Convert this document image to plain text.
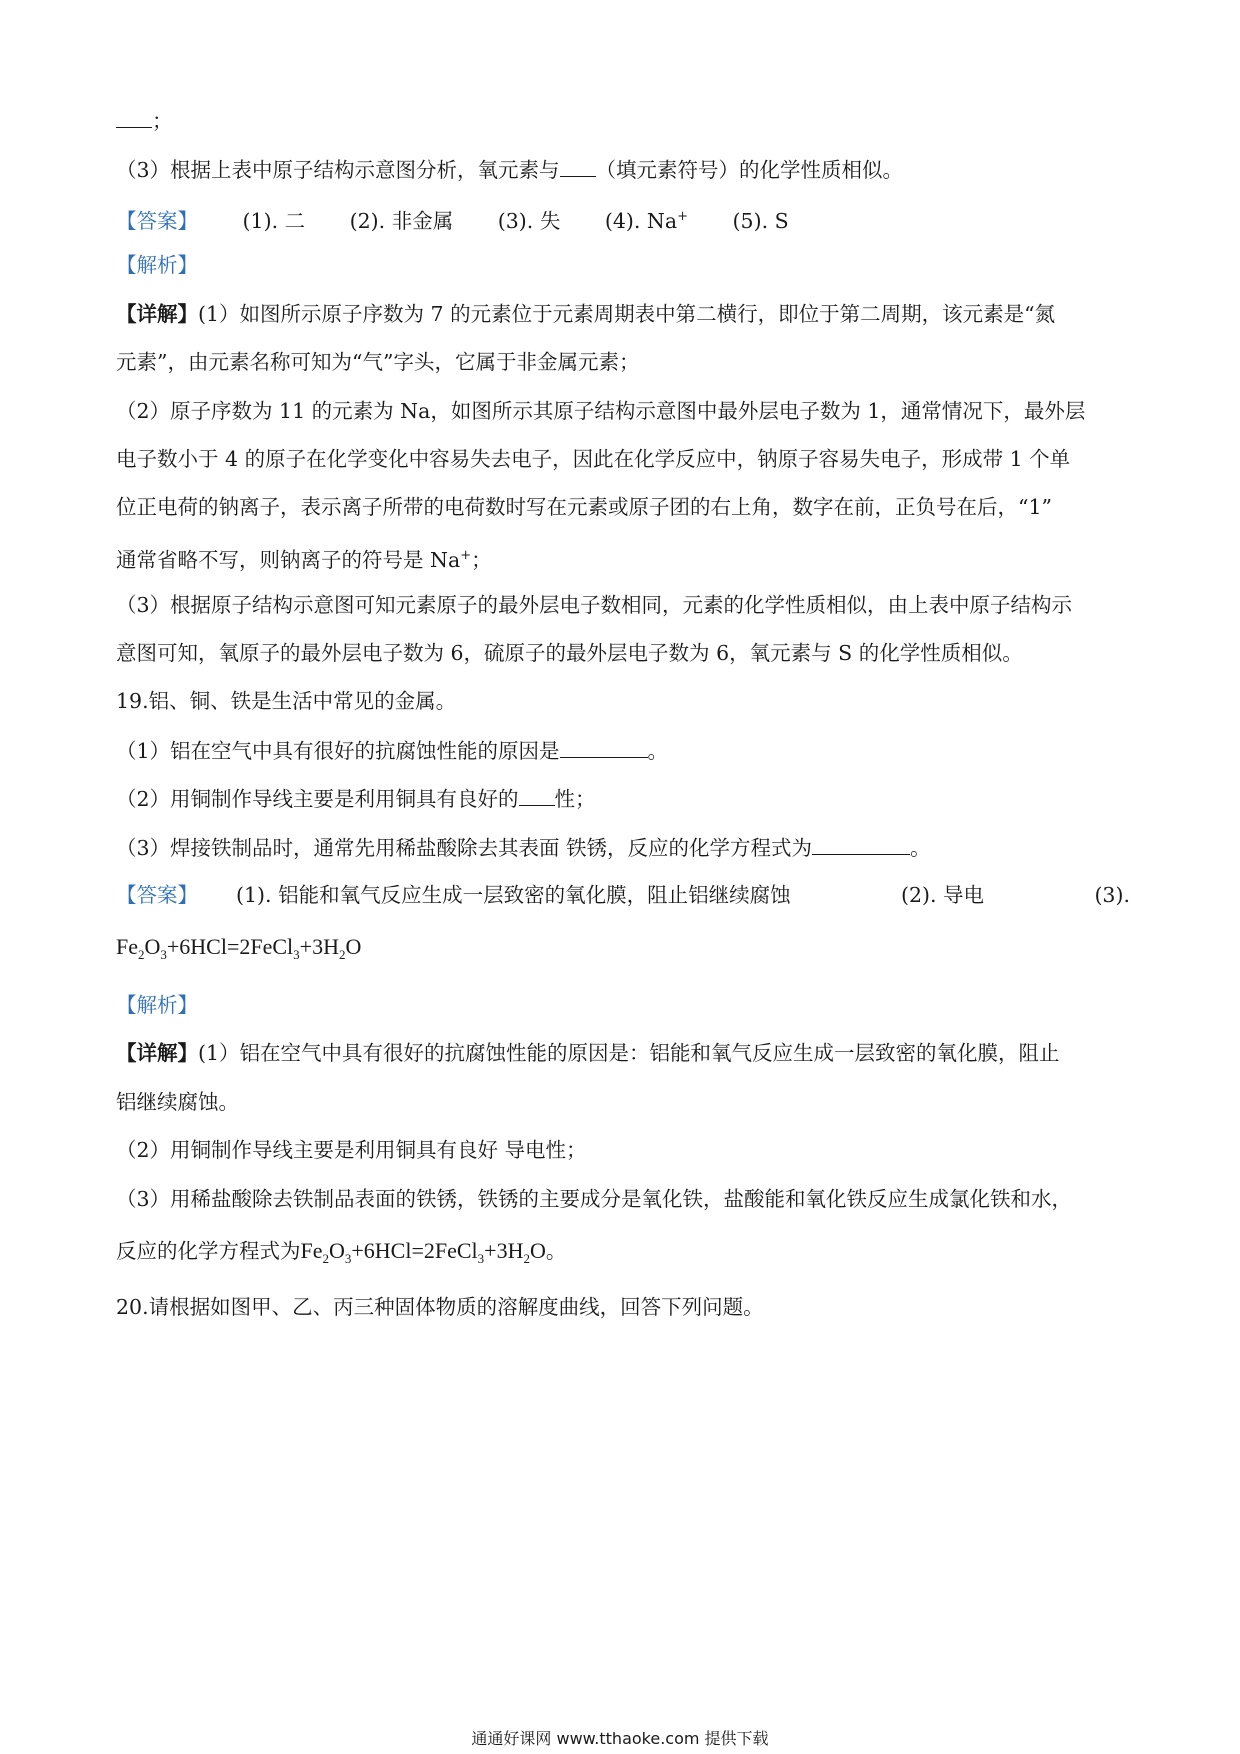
；
（3）根据上表中原子结构示意图分析，氧元素与 （填元素符号）的化学性质相似。
【答案】 (1). 二 (2). 非金属 (3). 失 (4). Na+ (5). S
【解析】
【详解】(1）如图所示原子序数为 7 的元素位于元素周期表中第二横行，即位于第二周期，该元素是“氮
元素”，由元素名称可知为“气”字头，它属于非金属元素；
（2）原子序数为 11 的元素为 Na，如图所示其原子结构示意图中最外层电子数为 1，通常情况下，最外层
电子数小于 4 的原子在化学变化中容易失去电子，因此在化学反应中，钠原子容易失电子，形成带 1 个单
位正电荷的钠离子，表示离子所带的电荷数时写在元素或原子团的右上角，数字在前，正负号在后，“1”
通常省略不写，则钠离子的符号是 Na+；
（3）根据原子结构示意图可知元素原子的最外层电子数相同，元素的化学性质相似，由上表中原子结构示
意图可知，氧原子的最外层电子数为 6，硫原子的最外层电子数为 6，氧元素与 S 的化学性质相似。
19.铝、铜、铁是生活中常见的金属。
（1）铝在空气中具有很好的抗腐蚀性能的原因是	。
（2）用铜制作导线主要是利用铜具有良好的 性；
（3）焊接铁制品时，通常先用稀盐酸除去其表面 铁锈，反应的化学方程式为	。
【答案】 (1). 铝能和氧气反应生成一层致密的氧化膜，阻止铝继续腐蚀	(2). 导电	(3).
$Fe_2O_3+6HCl=2FeCl_3+3H_2O$
【解析】
【详解】(1）铝在空气中具有很好的抗腐蚀性能的原因是：铝能和氧气反应生成一层致密的氧化膜，阻止
铝继续腐蚀。
（2）用铜制作导线主要是利用铜具有良好 导电性；
（3）用稀盐酸除去铁制品表面的铁锈，铁锈的主要成分是氧化铁，盐酸能和氧化铁反应生成氯化铁和水，
反应的化学方程式为$Fe_2O_3+6HCl=2FeCl_3+3H_2O$。
20.请根据如图甲、乙、丙三种固体物质的溶解度曲线，回答下列问题。
通通好课网 www.tthaoke.com 提供下载
